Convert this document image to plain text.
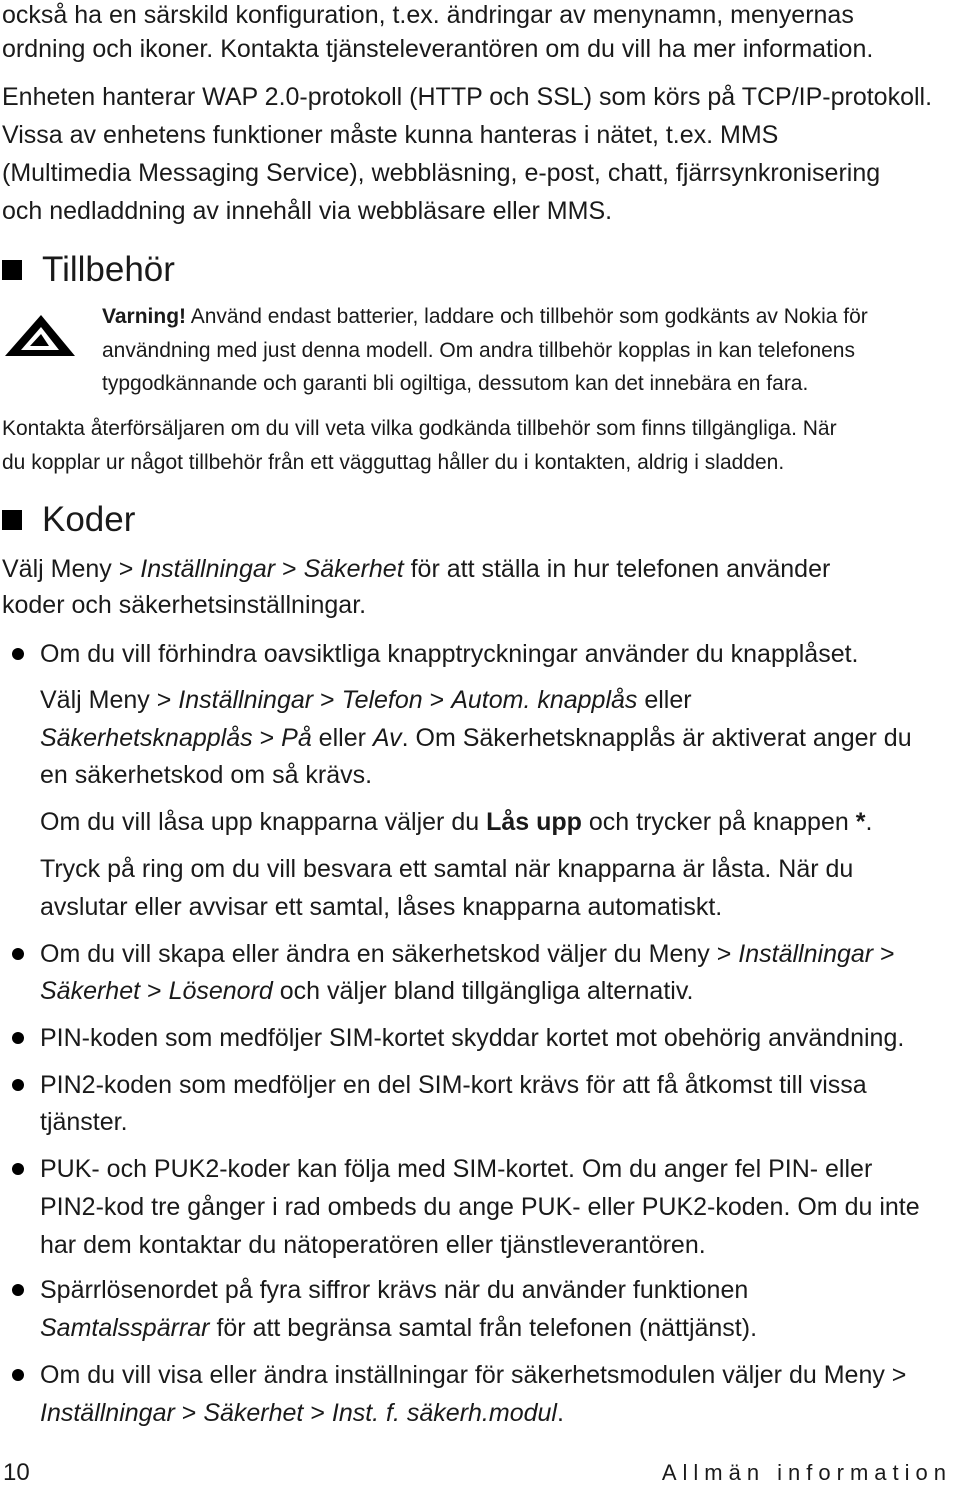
också ha en särskild konfiguration, t.ex. ändringar av menynamn, menyernas

ordning och ikoner. Kontakta tjänsteleverantören om du vill ha mer information.

Enheten hanterar WAP 2.0-protokoll (HTTP och SSL) som körs på TCP/IP-protokoll.

Vissa av enhetens funktioner måste kunna hanteras i nätet, t.ex. MMS

(Multimedia Messaging Service), webbläsning, e-post, chatt, fjärrsynkronisering

och nedladdning av innehåll via webbläsare eller MMS.

Tillbehör

Varning! Använd endast batterier, laddare och tillbehör som godkänts av Nokia för

användning med just denna modell. Om andra tillbehör kopplas in kan telefonens

typgodkännande och garanti bli ogiltiga, dessutom kan det innebära en fara.

Kontakta återförsäljaren om du vill veta vilka godkända tillbehör som finns tillgängliga. När

du kopplar ur något tillbehör från ett vägguttag håller du i kontakten, aldrig i sladden.

Koder

Välj Meny > Inställningar > Säkerhet för att ställa in hur telefonen använder

koder och säkerhetsinställningar.

Om du vill förhindra oavsiktliga knapptryckningar använder du knapplåset.

Välj Meny > Inställningar > Telefon > Autom. knapplås eller

Säkerhetsknapplås > På eller Av. Om Säkerhetsknapplås är aktiverat anger du

en säkerhetskod om så krävs.

Om du vill låsa upp knapparna väljer du Lås upp och trycker på knappen *.

Tryck på ring om du vill besvara ett samtal när knapparna är låsta. När du

avslutar eller avvisar ett samtal, låses knapparna automatiskt.

Om du vill skapa eller ändra en säkerhetskod väljer du Meny > Inställningar >

Säkerhet > Lösenord och väljer bland tillgängliga alternativ.

PIN-koden som medföljer SIM-kortet skyddar kortet mot obehörig användning.

PIN2-koden som medföljer en del SIM-kort krävs för att få åtkomst till vissa

tjänster.

PUK- och PUK2-koder kan följa med SIM-kortet. Om du anger fel PIN- eller

PIN2-kod tre gånger i rad ombeds du ange PUK- eller PUK2-koden. Om du inte

har dem kontaktar du nätoperatören eller tjänstleverantören.

Spärrlösenordet på fyra siffror krävs när du använder funktionen

Samtalsspärrar för att begränsa samtal från telefonen (nättjänst).

Om du vill visa eller ändra inställningar för säkerhetsmodulen väljer du Meny >

Inställningar > Säkerhet > Inst. f. säkerh.modul.

10	Allmän information
